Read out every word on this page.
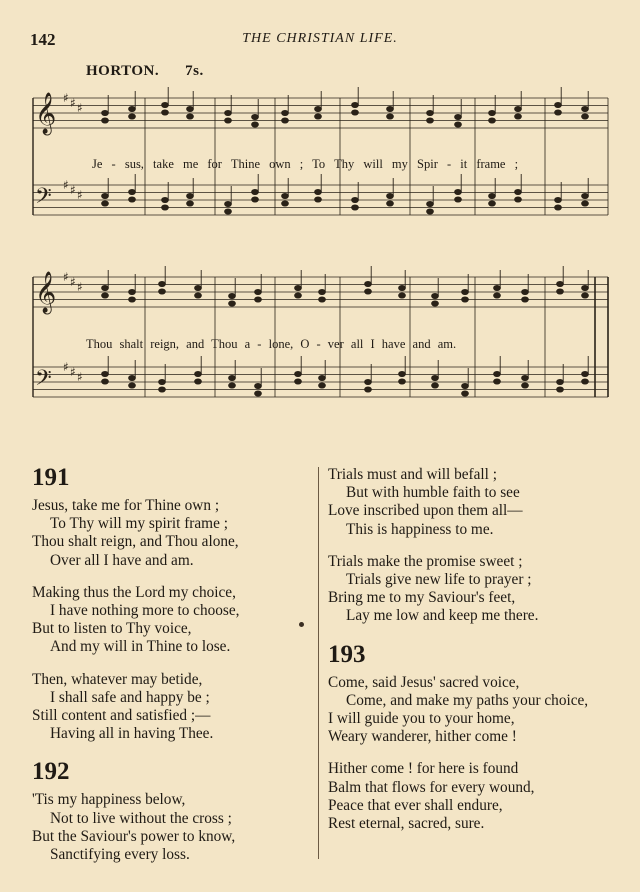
142	THE CHRISTIAN LIFE.
HORTON. 7s.
𝄞 ♯ ♯ ♯
𝄢 ♯ ♯ ♯
𝄞 ♯ ♯ ♯
𝄢 ♯ ♯ ♯
Je - sus, take me for Thine own ; To Thy will my Spir - it frame ;
Thou shalt reign, and Thou a - lone, O - ver all I have and am.
191
Jesus, take me for Thine own ;
To Thy will my spirit frame ;
Thou shalt reign, and Thou alone,
Over all I have and am.
Making thus the Lord my choice,
I have nothing more to choose,
But to listen to Thy voice,
And my will in Thine to lose.
Then, whatever may betide,
I shall safe and happy be ;
Still content and satisfied ;—
Having all in having Thee.
192
'Tis my happiness below,
Not to live without the cross ;
But the Saviour's power to know,
Sanctifying every loss.
Trials must and will befall ;
But with humble faith to see
Love inscribed upon them all—
This is happiness to me.
Trials make the promise sweet ;
Trials give new life to prayer ;
Bring me to my Saviour's feet,
Lay me low and keep me there.
193
Come, said Jesus' sacred voice,
Come, and make my paths your choice,
I will guide you to your home,
Weary wanderer, hither come !
Hither come ! for here is found
Balm that flows for every wound,
Peace that ever shall endure,
Rest eternal, sacred, sure.
